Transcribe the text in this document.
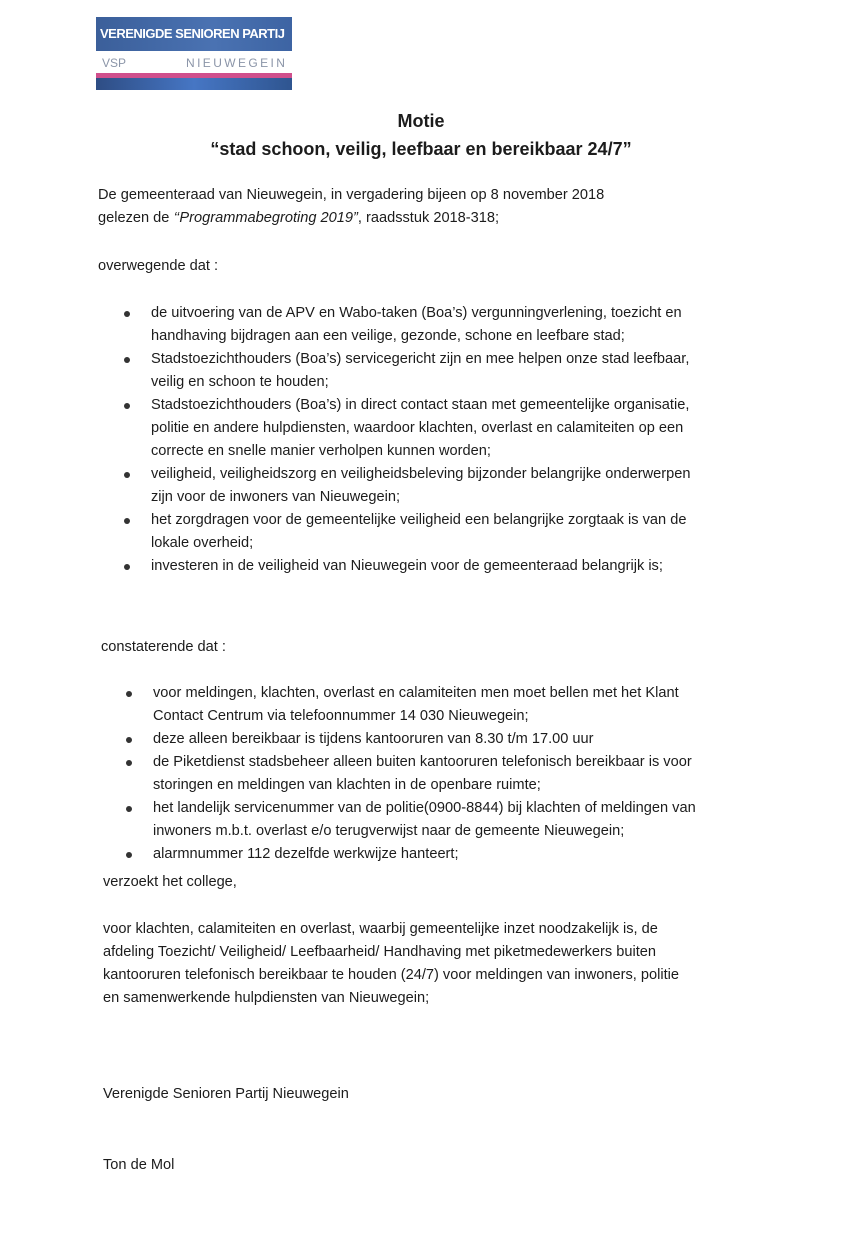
VERENIGDE SENIOREN PARTIJ
VSP	NIEUWEGEIN
Motie
“stad schoon, veilig, leefbaar en bereikbaar 24/7”
De gemeenteraad van Nieuwegein, in vergadering bijeen op 8 november 2018
gelezen de ‘‘Programmabegroting 2019”, raadsstuk 2018-318;
overwegende dat :
de uitvoering van de APV en Wabo-taken (Boa’s) vergunningverlening, toezicht en
handhaving bijdragen aan een veilige, gezonde, schone en leefbare stad;
Stadstoezichthouders (Boa’s) servicegericht zijn en mee helpen onze stad leefbaar,
veilig en schoon te houden;
Stadstoezichthouders (Boa’s) in direct contact staan met gemeentelijke organisatie,
politie en andere hulpdiensten, waardoor klachten, overlast en calamiteiten op een
correcte en snelle manier verholpen kunnen worden;
veiligheid, veiligheidszorg en veiligheidsbeleving bijzonder belangrijke onderwerpen
zijn voor de inwoners van Nieuwegein;
het zorgdragen voor de gemeentelijke veiligheid een belangrijke zorgtaak is van de
lokale overheid;
investeren in de veiligheid van Nieuwegein voor de gemeenteraad belangrijk is;
constaterende dat :
voor meldingen, klachten, overlast en calamiteiten men moet bellen met het Klant
Contact Centrum via telefoonnummer 14 030 Nieuwegein;
deze alleen bereikbaar is tijdens kantooruren van 8.30 t/m 17.00 uur
de Piketdienst stadsbeheer alleen buiten kantooruren telefonisch bereikbaar is voor
storingen en meldingen van klachten in de openbare ruimte;
het landelijk servicenummer van de politie(0900-8844) bij klachten of meldingen van
inwoners m.b.t. overlast e/o terugverwijst naar de gemeente Nieuwegein;
alarmnummer 112 dezelfde werkwijze hanteert;
verzoekt het college,
voor klachten, calamiteiten en overlast, waarbij gemeentelijke inzet noodzakelijk is, de
afdeling Toezicht/ Veiligheid/ Leefbaarheid/ Handhaving met piketmedewerkers buiten
kantooruren telefonisch bereikbaar te houden (24/7) voor meldingen van inwoners, politie
en samenwerkende hulpdiensten van Nieuwegein;
Verenigde Senioren Partij Nieuwegein
Ton de Mol
